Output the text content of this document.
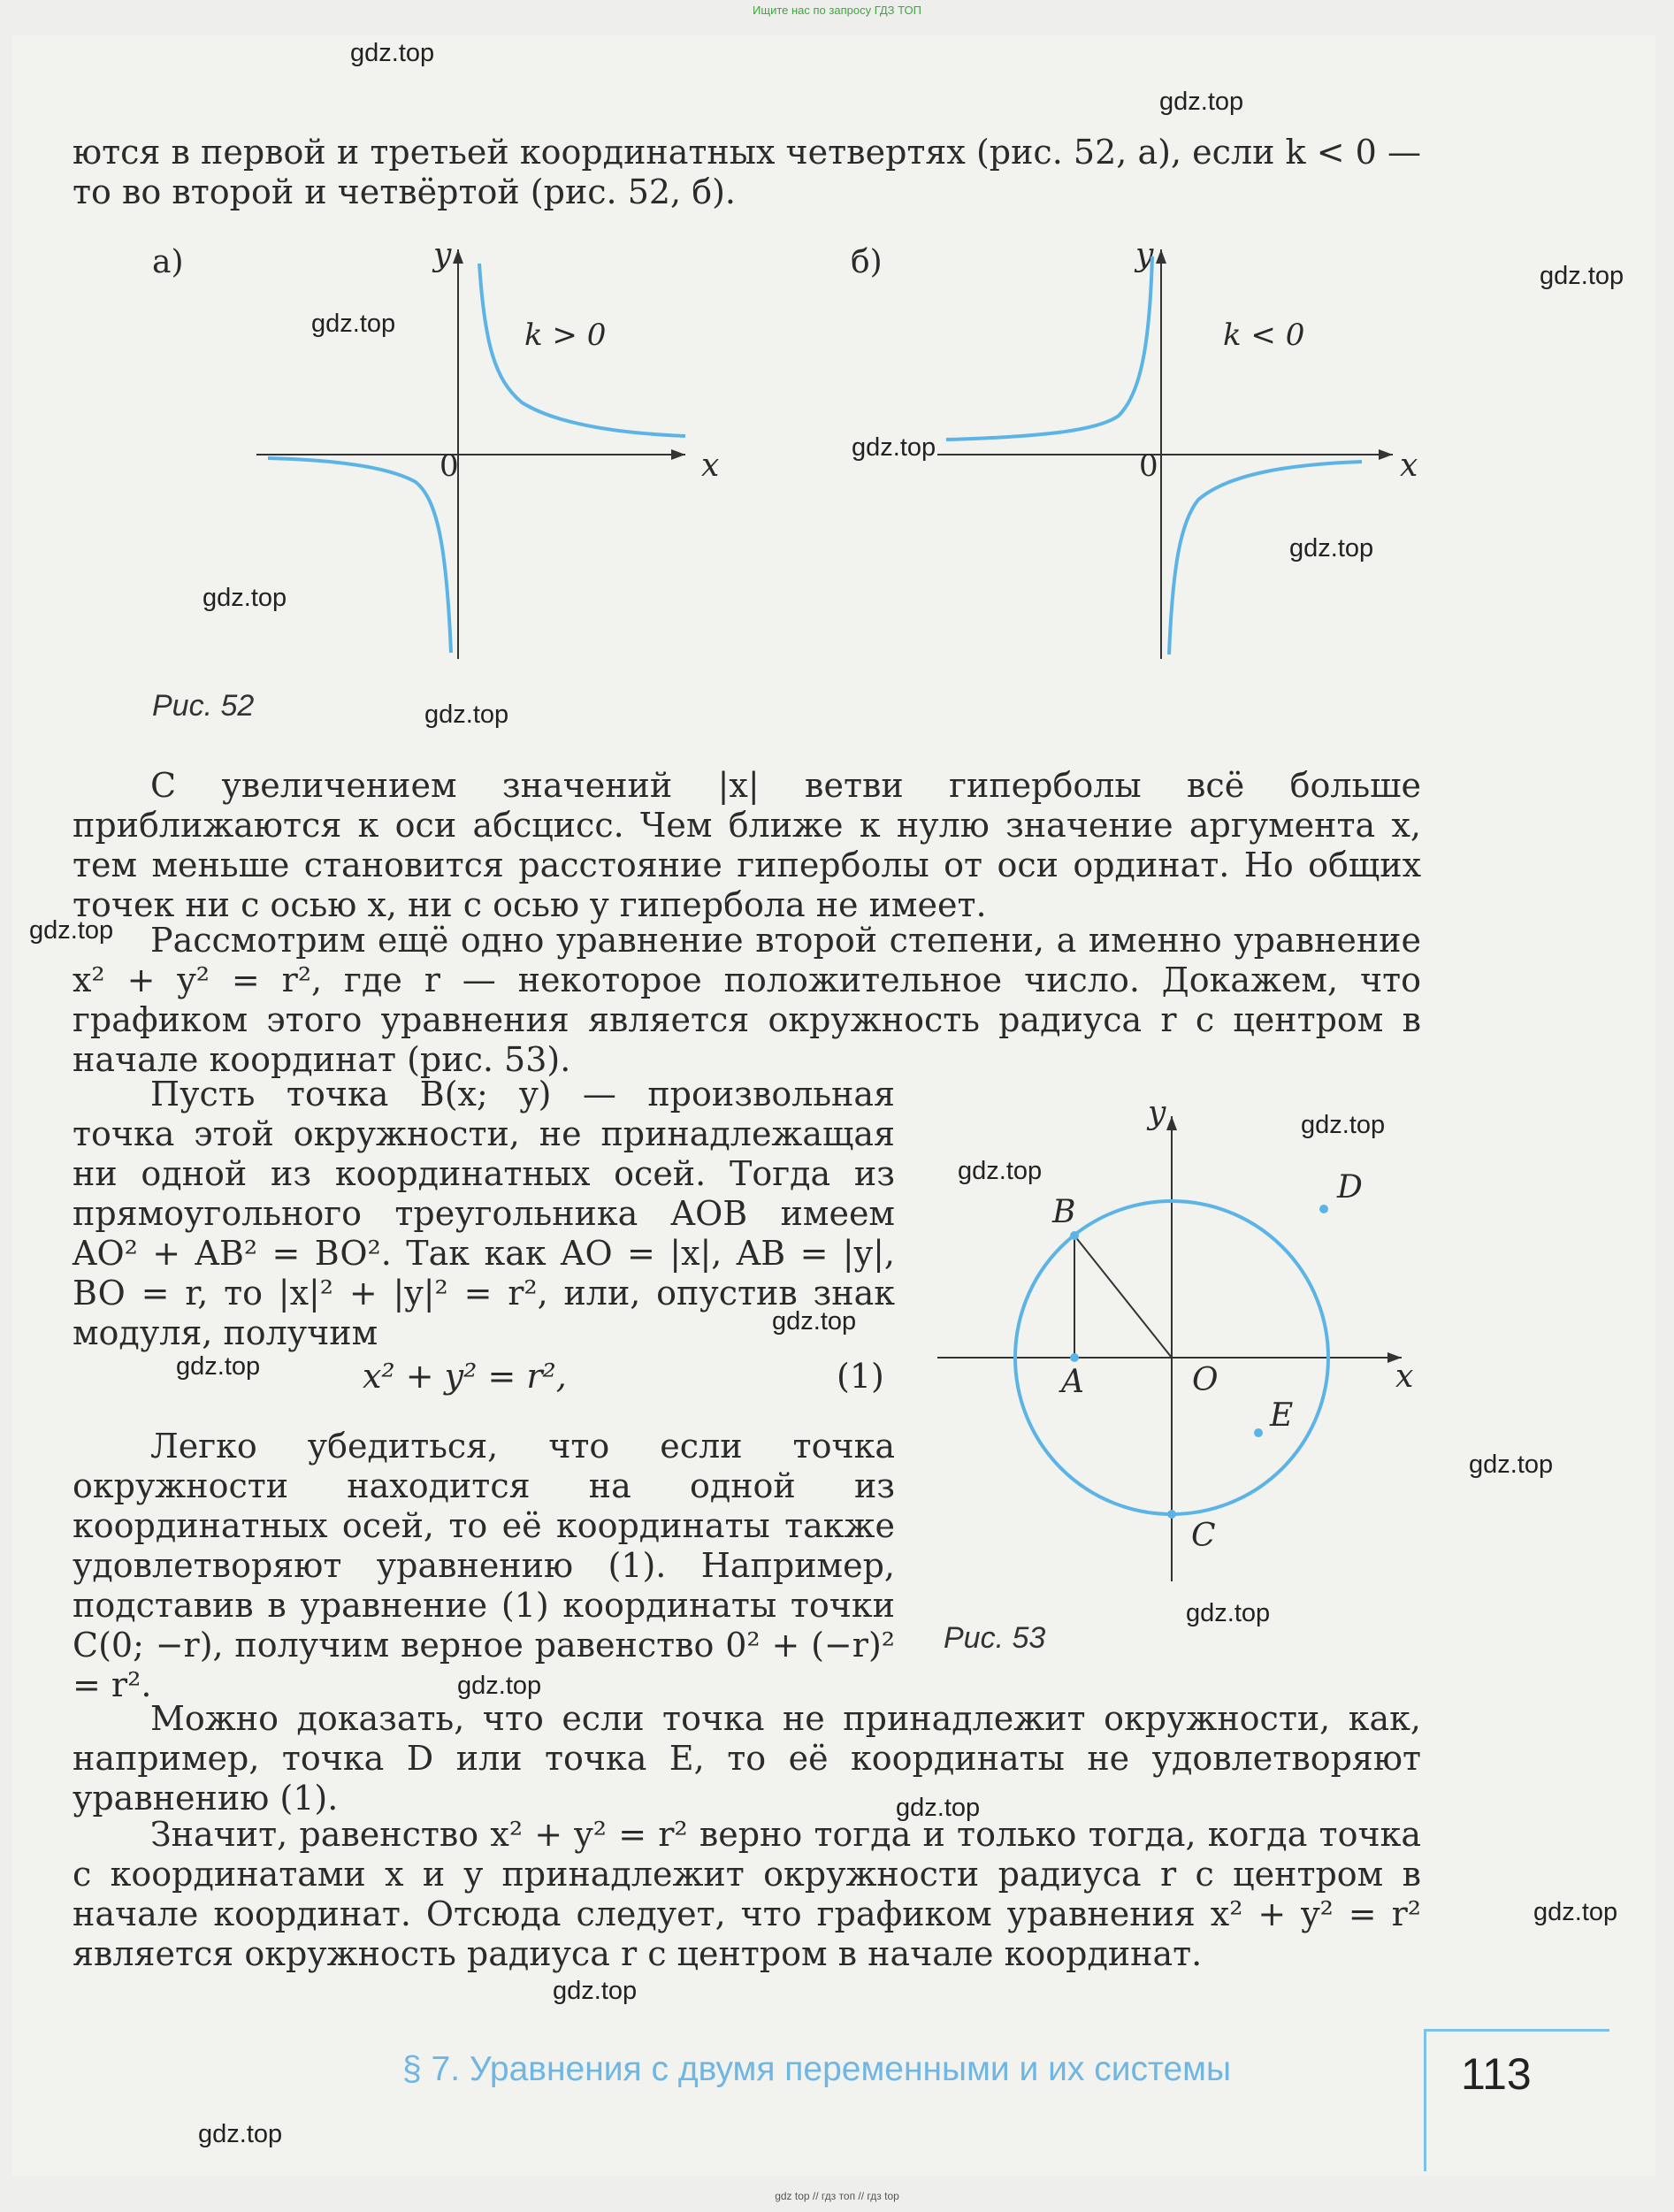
Ищите нас по запросу ГДЗ ТОП
gdz.top
gdz.top
gdz.top
gdz.top
gdz.top
gdz.top
gdz.top
gdz.top
gdz.top
gdz.top
gdz.top
gdz.top
gdz.top
gdz.top
gdz.top
gdz.top
gdz.top
gdz.top
gdz.top
gdz.top
ются в первой и третьей координатных четвертях (рис. 52, а), если k < 0 — то во второй и четвёртой (рис. 52, б).
а)
x
y
0
k > 0
б)
x
y
0
k < 0
Рис. 52
С увеличением значений |x| ветви гиперболы всё больше приближаются к оси абсцисс. Чем ближе к нулю значение аргумента x, тем меньше становится расстояние гиперболы от оси ординат. Но общих точек ни с осью x, ни с осью y гипербола не имеет.
Рассмотрим ещё одно уравнение второй степени, а именно уравнение x² + y² = r², где r — некоторое положительное число. Докажем, что графиком этого уравнения является окружность радиуса r с центром в начале координат (рис. 53).
Пусть точка B(x; y) — произвольная точка этой окружности, не принадлежащая ни одной из координатных осей. Тогда из прямоугольного треугольника AOB имеем AO² + AB² = BO². Так как AO = |x|, AB = |y|, BO = r, то |x|² + |y|² = r², или, опустив знак модуля, получим
x² + y² = r²,	(1)
Легко убедиться, что если точка окружности находится на одной из координатных осей, то её координаты также удовлетворяют уравнению (1). Например, подставив в уравнение (1) координаты точки C(0; −r), получим верное равенство 0² + (−r)² = r².
B
D
E
A	O
C
x
y
Рис. 53
Можно доказать, что если точка не принадлежит окружности, как, например, точка D или точка E, то её координаты не удовлетворяют уравнению (1).
Значит, равенство x² + y² = r² верно тогда и только тогда, когда точка с координатами x и y принадлежит окружности радиуса r с центром в начале координат. Отсюда следует, что графиком уравнения x² + y² = r² является окружность радиуса r с центром в начале координат.
§ 7. Уравнения с двумя переменными и их системы	113
gdz top // гдз топ // гдз top
